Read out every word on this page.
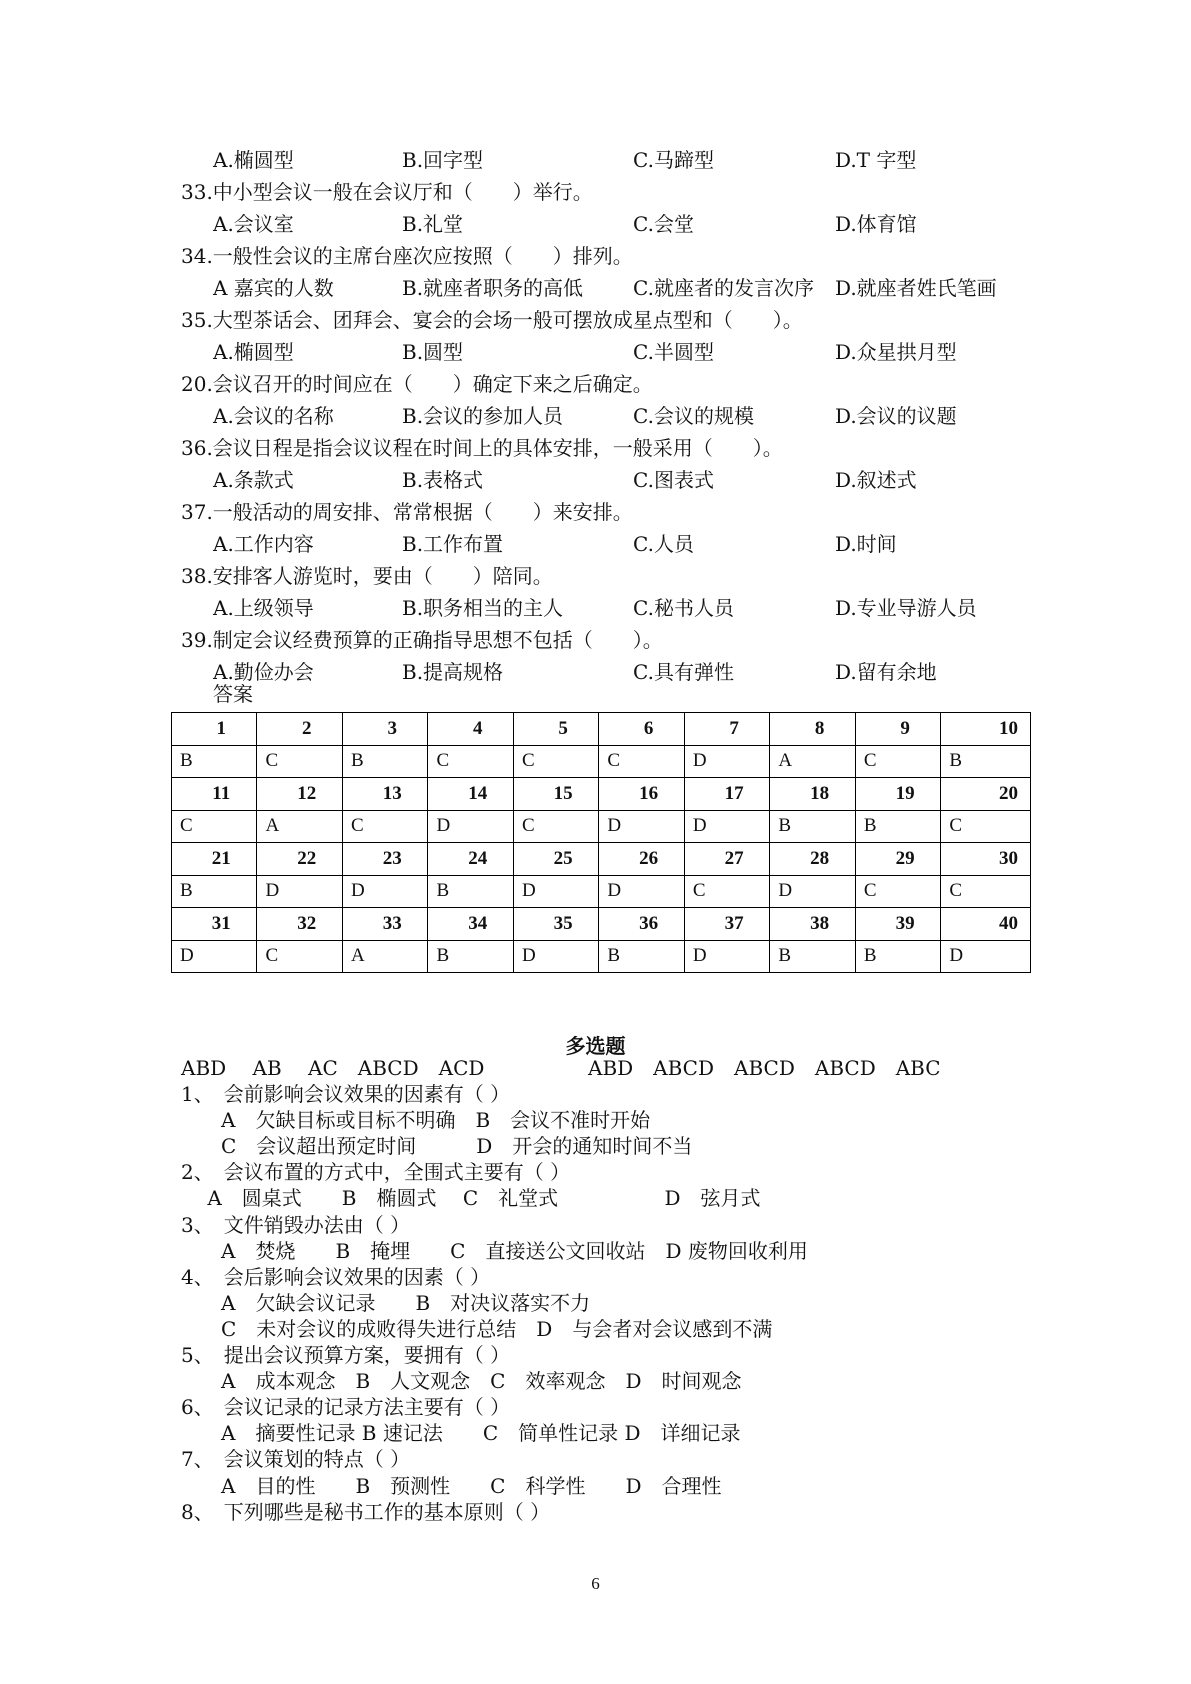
A.椭圆型	B.回字型	C.马蹄型	D.T 字型
33.中小型会议一般在会议厅和（　　）举行。
A.会议室	B.礼堂	C.会堂	D.体育馆
34.一般性会议的主席台座次应按照（　　）排列。
A 嘉宾的人数	B.就座者职务的高低 C.就座者的发言次序 D.就座者姓氏笔画
35.大型茶话会、团拜会、宴会的会场一般可摆放成星点型和（　　）。
A.椭圆型	B.圆型	C.半圆型	D.众星拱月型
20.会议召开的时间应在（　　）确定下来之后确定。
A.会议的名称	B.会议的参加人员	C.会议的规模	D.会议的议题
36.会议日程是指会议议程在时间上的具体安排，一般采用（　　）。
A.条款式	B.表格式	C.图表式	D.叙述式
37.一般活动的周安排、常常根据（　　）来安排。
A.工作内容	B.工作布置	C.人员	D.时间
38.安排客人游览时，要由（　　）陪同。
A.上级领导	B.职务相当的主人	C.秘书人员	D.专业导游人员
39.制定会议经费预算的正确指导思想不包括（　　）。
A.勤俭办会	B.提高规格	C.具有弹性	D.留有余地
答案
1	2	3	4	5	6	7	8	9	10
B	C	B	C	C	C	D	A	C	B
11	12	13	14	15	16	17	18	19	20
C	A	C	D	C	D	D	B	B	C
21	22	23	24	25	26	27	28	29	30
B	D	D	B	D	D	C	D	C	C
31	32	33	34	35	36	37	38	39	40
D	C	A	B	D	B	D	B	B	D
多选题
ABD　 AB　 AC　ABCD　ACD	ABD　ABCD　ABCD　ABCD　ABC
1、　会前影响会议效果的因素有（ ）
　　A　欠缺目标或目标不明确　B　会议不准时开始
　　C　会议超出预定时间　　　D　开会的通知时间不当
2、　会议布置的方式中，全围式主要有（ ）
　 A　圆桌式　　B　椭圆式　 C　礼堂式　　　　　 D　弦月式
3、　文件销毁办法由（ ）
　　A　焚烧　　B　掩埋　　C　直接送公文回收站　D 废物回收利用
4、　会后影响会议效果的因素（ ）
　　A　欠缺会议记录　　B　对决议落实不力
　　C　未对会议的成败得失进行总结　D　与会者对会议感到不满
5、　提出会议预算方案，要拥有（ ）
　　A　成本观念　B　人文观念　C　效率观念　D　时间观念
6、　会议记录的记录方法主要有（ ）
　　A　摘要性记录 B 速记法　　C　简单性记录 D　详细记录
7、　会议策划的特点（ ）
　　A　目的性　　B　预测性　　C　科学性　　D　合理性
8、　下列哪些是秘书工作的基本原则（ ）
6
